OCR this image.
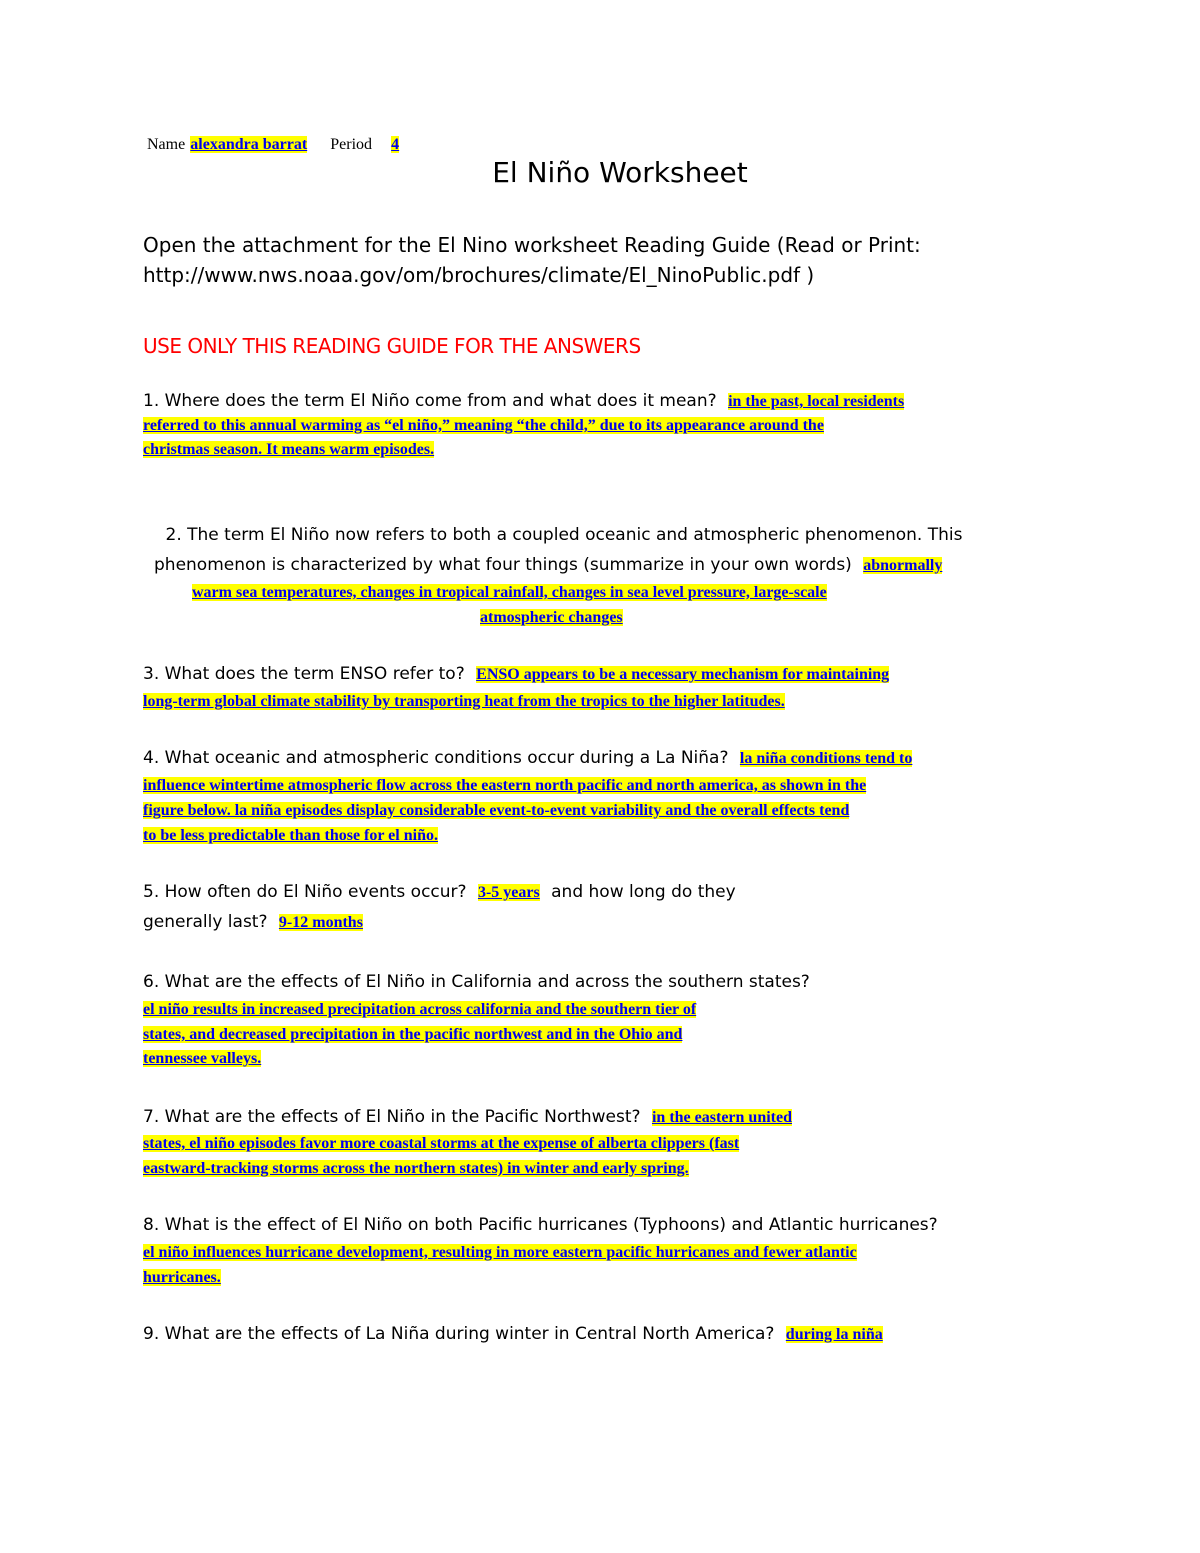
Name alexandra barrat Period 4
El Niño Worksheet
Open the attachment for the El Nino worksheet Reading Guide (Read or Print:
http://www.nws.noaa.gov/om/brochures/climate/El_NinoPublic.pdf )
USE ONLY THIS READING GUIDE FOR THE ANSWERS
1. Where does the term El Niño come from and what does it mean? in the past, local residents
referred to this annual warming as “el niño,” meaning “the child,” due to its appearance around the
christmas season. It means warm episodes.
2. The term El Niño now refers to both a coupled oceanic and atmospheric phenomenon. This
phenomenon is characterized by what four things (summarize in your own words) abnormally
warm sea temperatures, changes in tropical rainfall, changes in sea level pressure, large-scale
atmospheric changes
3. What does the term ENSO refer to? ENSO appears to be a necessary mechanism for maintaining
long-term global climate stability by transporting heat from the tropics to the higher latitudes.
4. What oceanic and atmospheric conditions occur during a La Niña? la niña conditions tend to
influence wintertime atmospheric flow across the eastern north pacific and north america, as shown in the
figure below. la niña episodes display considerable event-to-event variability and the overall effects tend
to be less predictable than those for el niño.
5. How often do El Niño events occur? 3-5 years and how long do they
generally last? 9-12 months
6. What are the effects of El Niño in California and across the southern states?
el niño results in increased precipitation across california and the southern tier of
states, and decreased precipitation in the pacific northwest and in the Ohio and
tennessee valleys.
7. What are the effects of El Niño in the Pacific Northwest? in the eastern united
states, el niño episodes favor more coastal storms at the expense of alberta clippers (fast
eastward-tracking storms across the northern states) in winter and early spring.
8. What is the effect of El Niño on both Pacific hurricanes (Typhoons) and Atlantic hurricanes?
el niño influences hurricane development, resulting in more eastern pacific hurricanes and fewer atlantic
hurricanes.
9. What are the effects of La Niña during winter in Central North America? during la niña
